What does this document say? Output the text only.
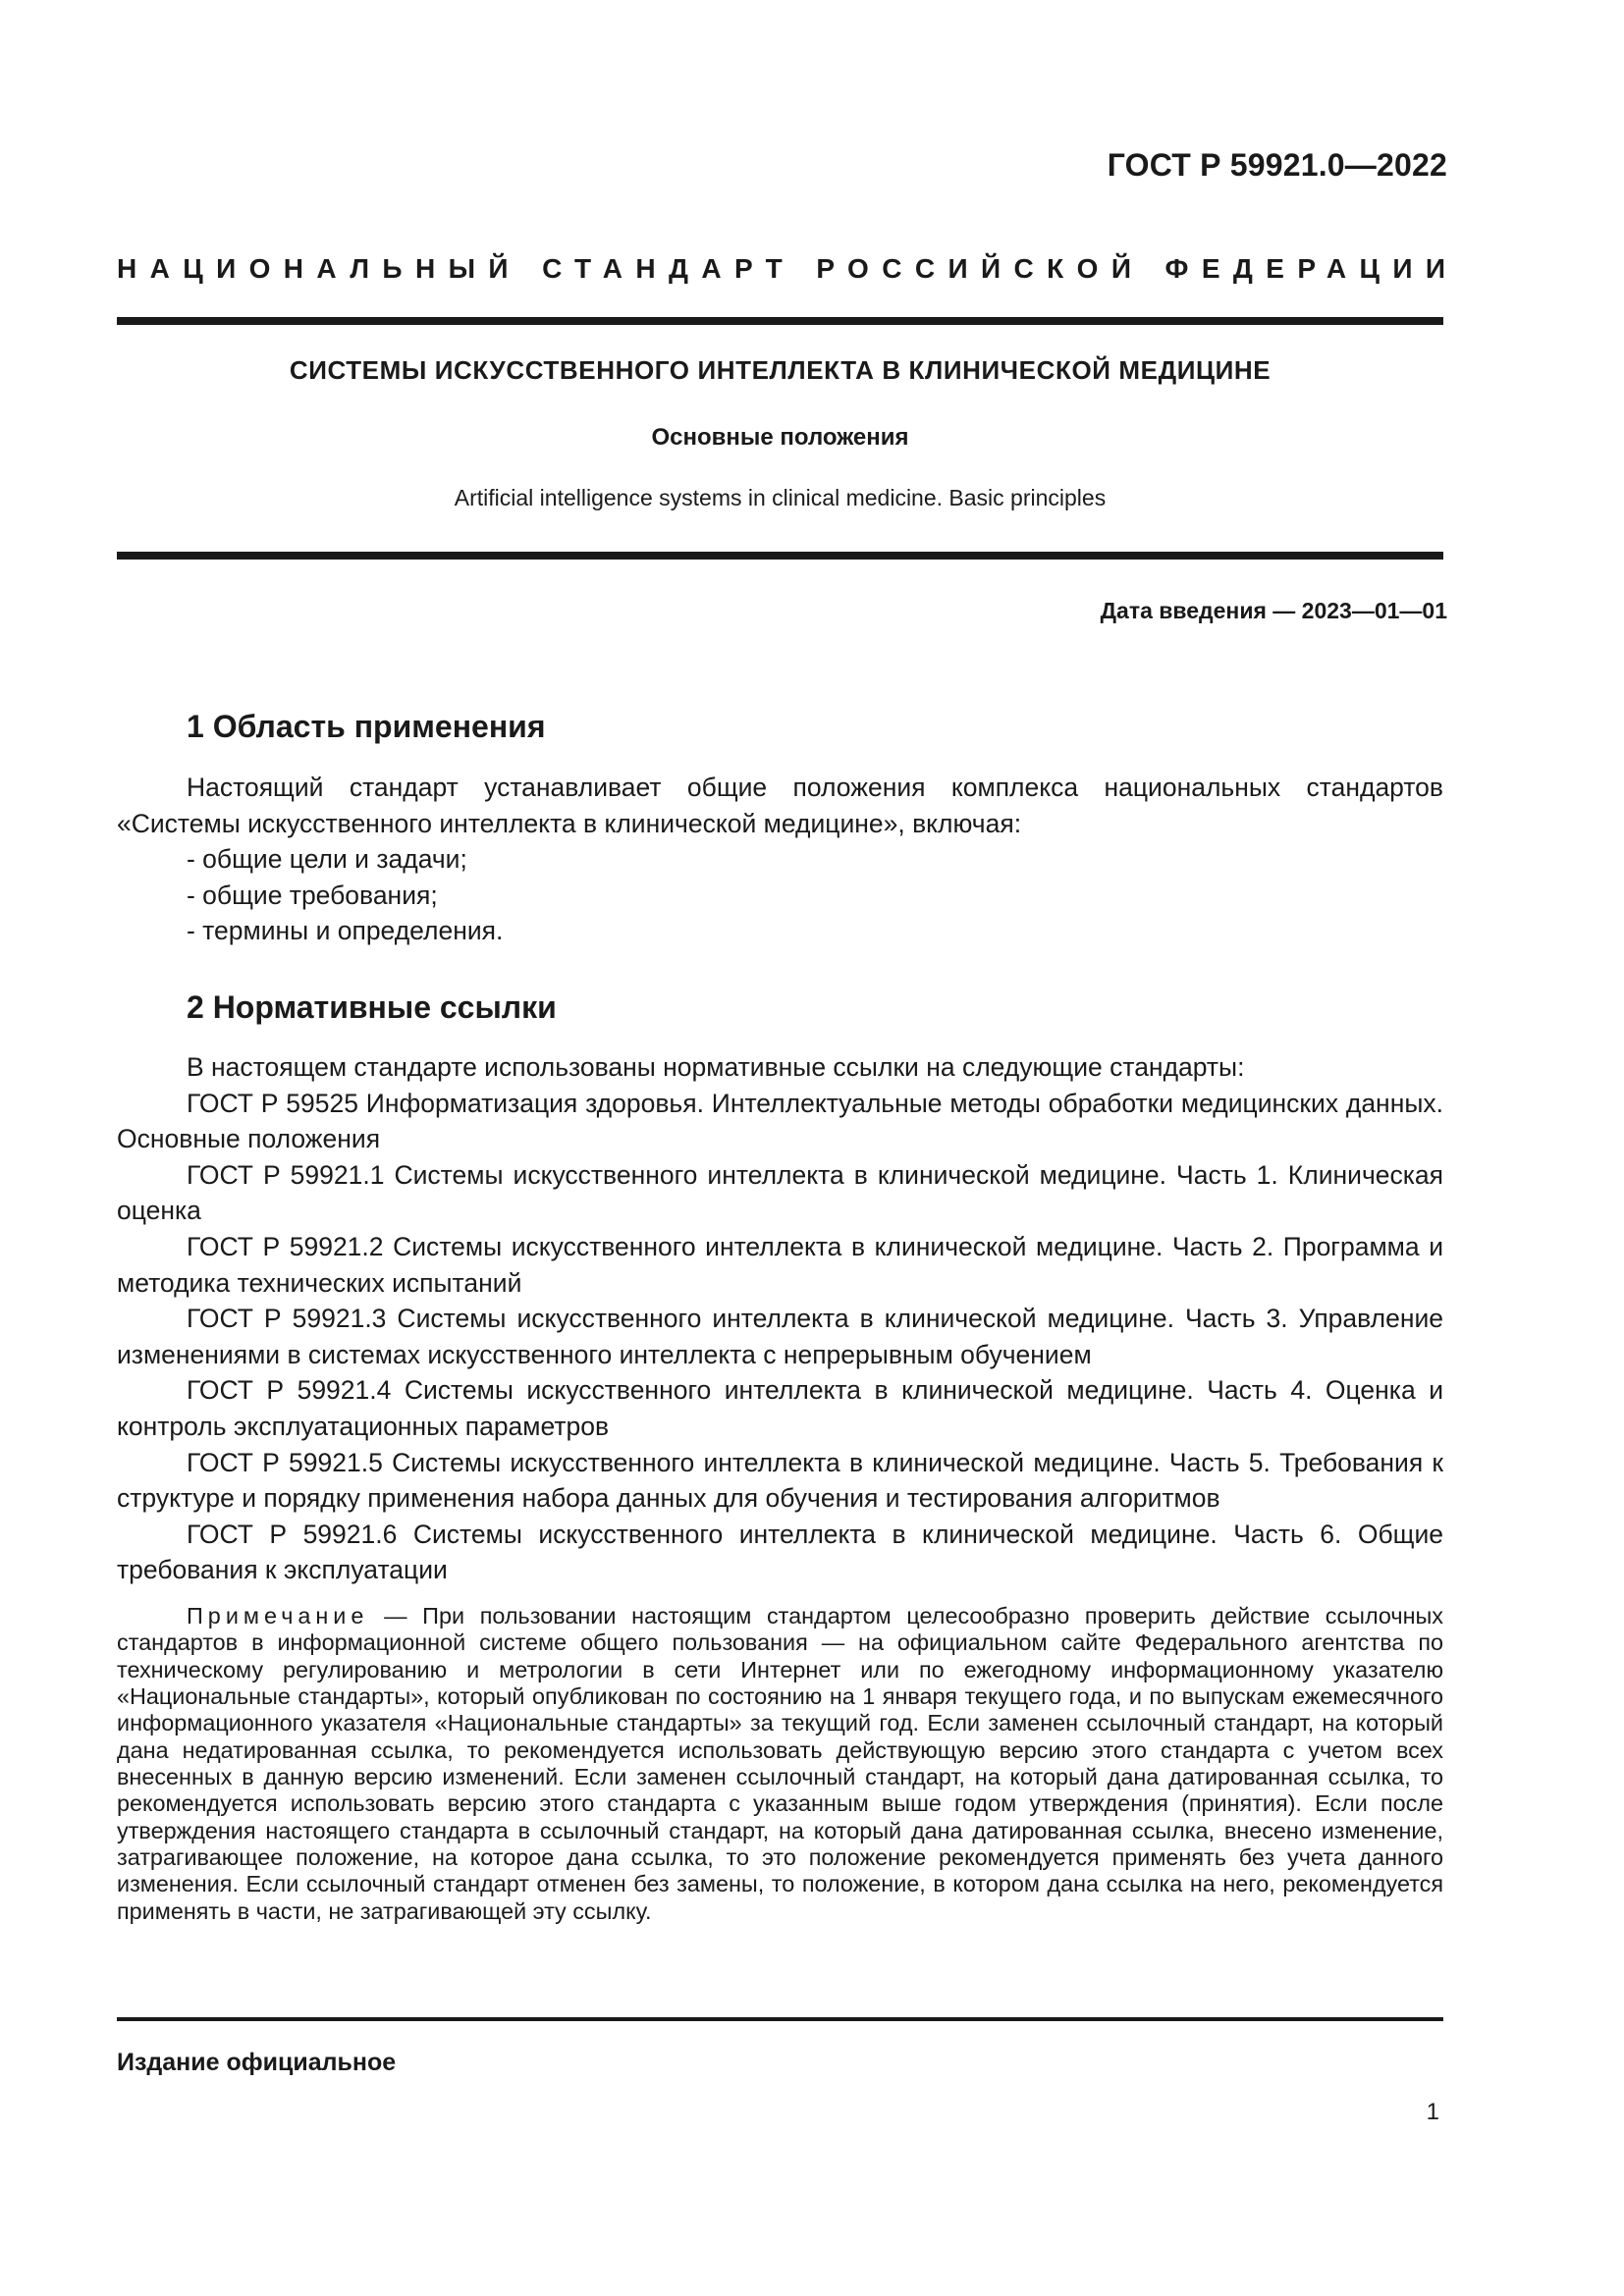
ГОСТ Р 59921.0—2022
НАЦИОНАЛЬНЫЙ СТАНДАРТ РОССИЙСКОЙ ФЕДЕРАЦИИ
СИСТЕМЫ ИСКУССТВЕННОГО ИНТЕЛЛЕКТА В КЛИНИЧЕСКОЙ МЕДИЦИНЕ
Основные положения
Artificial intelligence systems in clinical medicine. Basic principles
Дата введения — 2023—01—01
1 Область применения

Настоящий стандарт устанавливает общие положения комплекса национальных стандартов «Системы искусственного интеллекта в клинической медицине», включая:

- общие цели и задачи;
- общие требования;
- термины и определения.
2 Нормативные ссылки

В настоящем стандарте использованы нормативные ссылки на следующие стандарты:

ГОСТ Р 59525 Информатизация здоровья. Интеллектуальные методы обработки медицинских данных. Основные положения

ГОСТ Р 59921.1 Системы искусственного интеллекта в клинической медицине. Часть 1. Клиническая оценка

ГОСТ Р 59921.2 Системы искусственного интеллекта в клинической медицине. Часть 2. Программа и методика технических испытаний

ГОСТ Р 59921.3 Системы искусственного интеллекта в клинической медицине. Часть 3. Управление изменениями в системах искусственного интеллекта с непрерывным обучением

ГОСТ Р 59921.4 Системы искусственного интеллекта в клинической медицине. Часть 4. Оценка и контроль эксплуатационных параметров

ГОСТ Р 59921.5 Системы искусственного интеллекта в клинической медицине. Часть 5. Требования к структуре и порядку применения набора данных для обучения и тестирования алгоритмов

ГОСТ Р 59921.6 Системы искусственного интеллекта в клинической медицине. Часть 6. Общие требования к эксплуатации

Примечание — При пользовании настоящим стандартом целесообразно проверить действие ссылочных стандартов в информационной системе общего пользования — на официальном сайте Федерального агентства по техническому регулированию и метрологии в сети Интернет или по ежегодному информационному указателю «Национальные стандарты», который опубликован по состоянию на 1 января текущего года, и по выпускам ежемесячного информационного указателя «Национальные стандарты» за текущий год. Если заменен ссылочный стандарт, на который дана недатированная ссылка, то рекомендуется использовать действующую версию этого стандарта с учетом всех внесенных в данную версию изменений. Если заменен ссылочный стандарт, на который дана датированная ссылка, то рекомендуется использовать версию этого стандарта с указанным выше годом утверждения (принятия). Если после утверждения настоящего стандарта в ссылочный стандарт, на который дана датированная ссылка, внесено изменение, затрагивающее положение, на которое дана ссылка, то это положение рекомендуется применять без учета данного изменения. Если ссылочный стандарт отменен без замены, то положение, в котором дана ссылка на него, рекомендуется применять в части, не затрагивающей эту ссылку.

Издание официальное
1
